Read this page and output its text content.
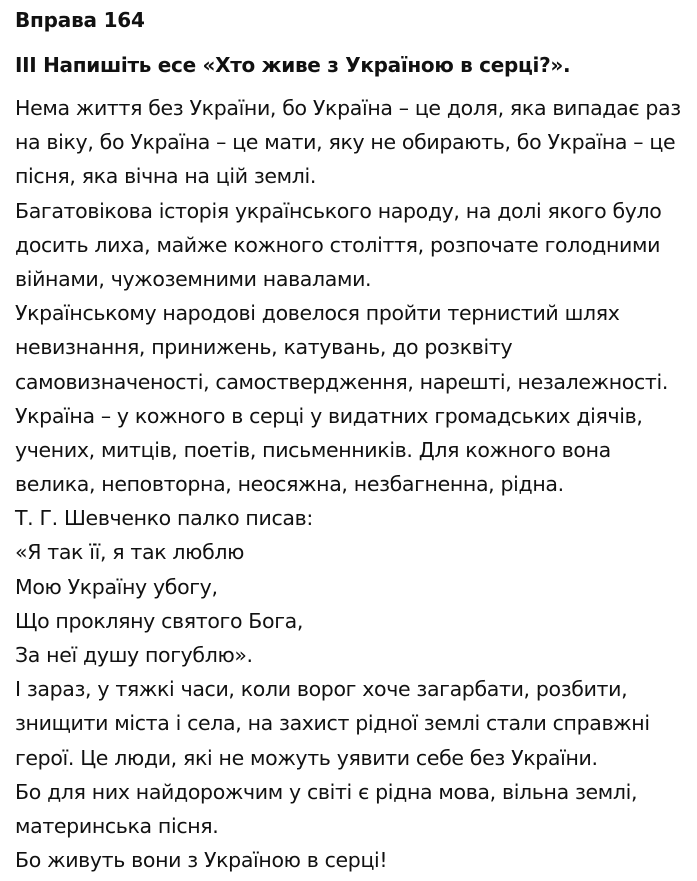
Вправа 164
ІІІ Напишіть есе «Хто живе з Україною в серці?».
Нема життя без України, бо Україна – це доля, яка випадає раз
на віку, бо Україна – це мати, яку не обирають, бо Україна – це
пісня, яка вічна на цій землі.
Багатовікова історія українського народу, на долі якого було
досить лиха, майже кожного століття, розпочате голодними
війнами, чужоземними навалами.
Українському народові довелося пройти тернистий шлях
невизнання, принижень, катувань, до розквіту
самовизначеності, самоствердження, нарешті, незалежності.
Україна – у кожного в серці у видатних громадських діячів,
учених, митців, поетів, письменників. Для кожного вона
велика, неповторна, неосяжна, незбагненна, рідна.
Т. Г. Шевченко палко писав:
«Я так її, я так люблю
Мою Україну убогу,
Що прокляну святого Бога,
За неї душу погублю».
І зараз, у тяжкі часи, коли ворог хоче загарбати, розбити,
знищити міста і села, на захист рідної землі стали справжні
герої. Це люди, які не можуть уявити себе без України.
Бо для них найдорожчим у світі є рідна мова, вільна землі,
материнська пісня.
Бо живуть вони з Україною в серці!
